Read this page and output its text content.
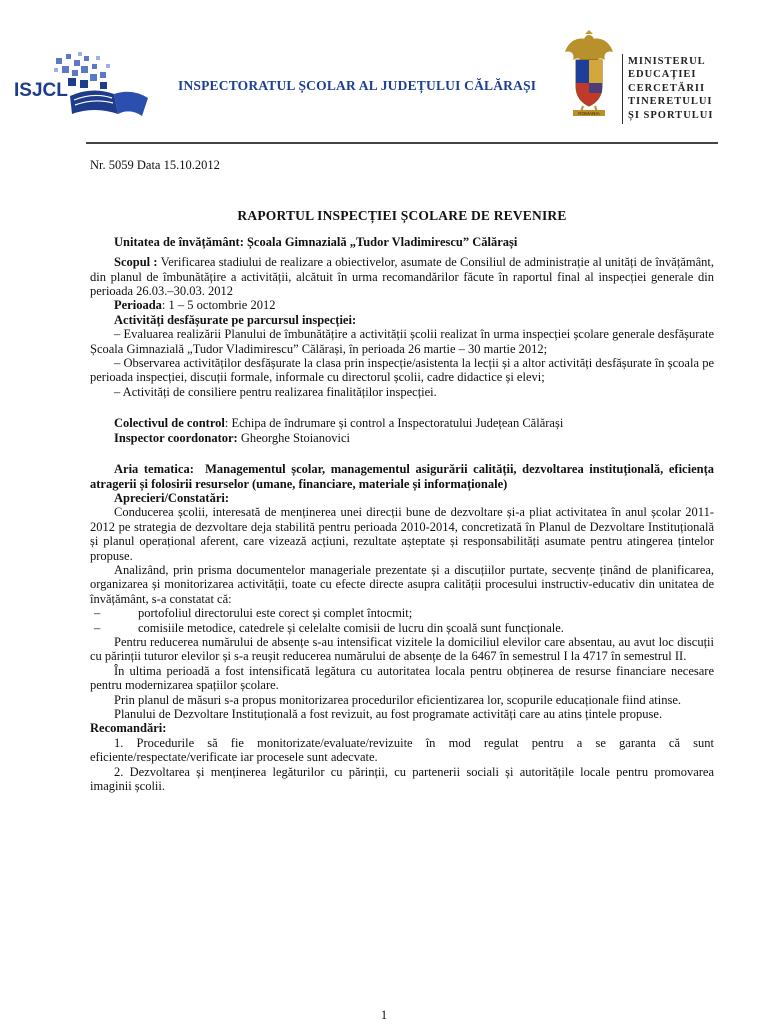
ISJCL	INSPECTORATUL ȘCOLAR AL JUDEȚULUI CĂLĂRAȘI
ROMANIA
MINISTERUL
EDUCAȚIEI
CERCETĂRII
TINERETULUI
ȘI SPORTULUI

Nr. 5059 Data 15.10.2012

RAPORTUL INSPECȚIEI ȘCOLARE DE REVENIRE

Unitatea de învățământ: Școala Gimnazială „Tudor Vladimirescu” Călărași

Scopul : Verificarea stadiului de realizare a obiectivelor, asumate de Consiliul de administrație al unități de învățământ, din planul de îmbunătățire a activității, alcătuit în urma recomandărilor făcute în raportul final al inspecției generale din perioada 26.03.–30.03. 2012

Perioada: 1 – 5 octombrie 2012

Activități desfășurate pe parcursul inspecției:

– Evaluarea realizării Planului de îmbunătățire a activității școlii realizat în urma inspecției școlare generale desfășurate Școala Gimnazială „Tudor Vladimirescu” Călărași, în perioada 26 martie – 30 martie 2012;

– Observarea activităților desfășurate la clasa prin inspecție/asistenta la lecții și a altor activități desfășurate în școala pe perioada inspecției, discuții formale, informale cu directorul școlii, cadre didactice și elevi;

– Activități de consiliere pentru realizarea finalităților inspecției.

Colectivul de control: Echipa de îndrumare și control a Inspectoratului Județean Călărași

Inspector coordonator: Gheorghe Stoianovici

Aria tematica: Managementul școlar, managementul asigurării calității, dezvoltarea instituțională, eficiența atragerii și folosirii resurselor (umane, financiare, materiale și informaționale)

Aprecieri/Constatări:

Conducerea școlii, interesată de menținerea unei direcții bune de dezvoltare și-a pliat activitatea în anul școlar 2011-2012 pe strategia de dezvoltare deja stabilită pentru perioada 2010-2014, concretizată în Planul de Dezvoltare Instituțională și planul operațional aferent, care vizează acțiuni, rezultate așteptate și responsabilități asumate pentru atingerea țintelor propuse.

Analizând, prin prisma documentelor manageriale prezentate și a discuțiilor purtate, secvențe ținând de planificarea, organizarea și monitorizarea activității, toate cu efecte directe asupra calității procesului instructiv-educativ din unitatea de învățământ, s-a constatat că:

–	portofoliul directorului este corect și complet întocmit;
–	comisiile metodice, catedrele și celelalte comisii de lucru din școală sunt funcționale.

Pentru reducerea numărului de absențe s-au intensificat vizitele la domiciliul elevilor care absentau, au avut loc discuții cu părinții tuturor elevilor și s-a reușit reducerea numărului de absențe de la 6467 în semestrul I la 4717 în semestrul II.

În ultima perioadă a fost intensificată legătura cu autoritatea locala pentru obținerea de resurse financiare necesare pentru modernizarea spațiilor școlare.

Prin planul de măsuri s-a propus monitorizarea procedurilor eficientizarea lor, scopurile educaționale fiind atinse.

Planului de Dezvoltare Instituțională a fost revizuit, au fost programate activități care au atins țintele propuse.

Recomandări:

1. Procedurile să fie monitorizate/evaluate/revizuite în mod regulat pentru a se garanta că sunt eficiente/respectate/verificate iar procesele sunt adecvate.

2. Dezvoltarea și menținerea legăturilor cu părinții, cu partenerii sociali și autoritățile locale pentru promovarea imaginii școlii.

1
